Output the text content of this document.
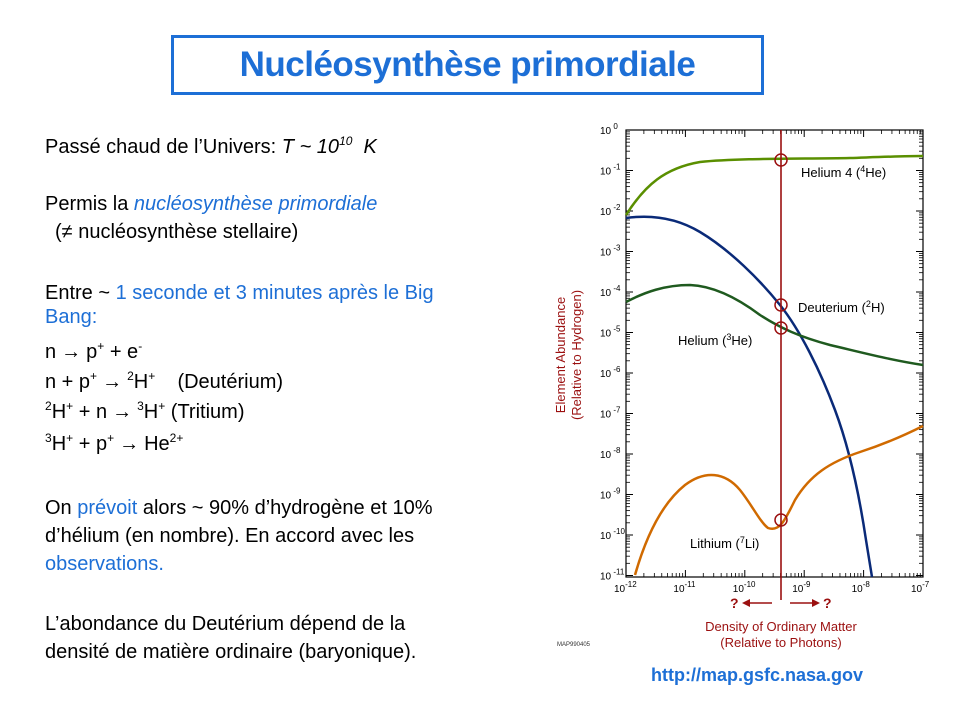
Nucléosynthèse primordiale
Passé chaud de l’Univers: T ~ $10^{10}$ K
Permis la nucléosynthèse primordiale
(≠ nucléosynthèse stellaire)
Entre ~ 1 seconde et 3 minutes après le Big
Bang:
n → p+ + e-
n + p+ → $^2$H+ (Deutérium)
$^2$H+ + n → $^3$H+ (Tritium)
$^3H^+ + p^+ \to He^{2+}$
On prévoit alors ~ 90% d’hydrogène et 10%
d’hélium (en nombre). En accord avec les
observations.
L’abondance du Deutérium dépend de la
densité de matière ordinaire (baryonique).
10 $^0$
10 $^{-1}$
10 $^{-2}$
10 $^{-3}$
10 $^{-4}$
10 $^{-5}$
10 $^{-6}$
10 $^{-7}$
10 $^{-8}$
10 $^{-9}$
10 $^{-10}$
10 $^{-11}$
$10^{-12}$	$10^{-11}$	$10^{-10}$	$10^{-9}$	$10^{-8}$	$10^{-7}$
Helium 4 ($^4$He)
Deuterium ($^2$H)
Helium ($^3$He)
Lithium ($^7$Li)
Element Abundance (Relative to Hydrogen)
?	?
Density of Ordinary Matter
(Relative to Photons)
MAP990405
http://map.gsfc.nasa.gov
